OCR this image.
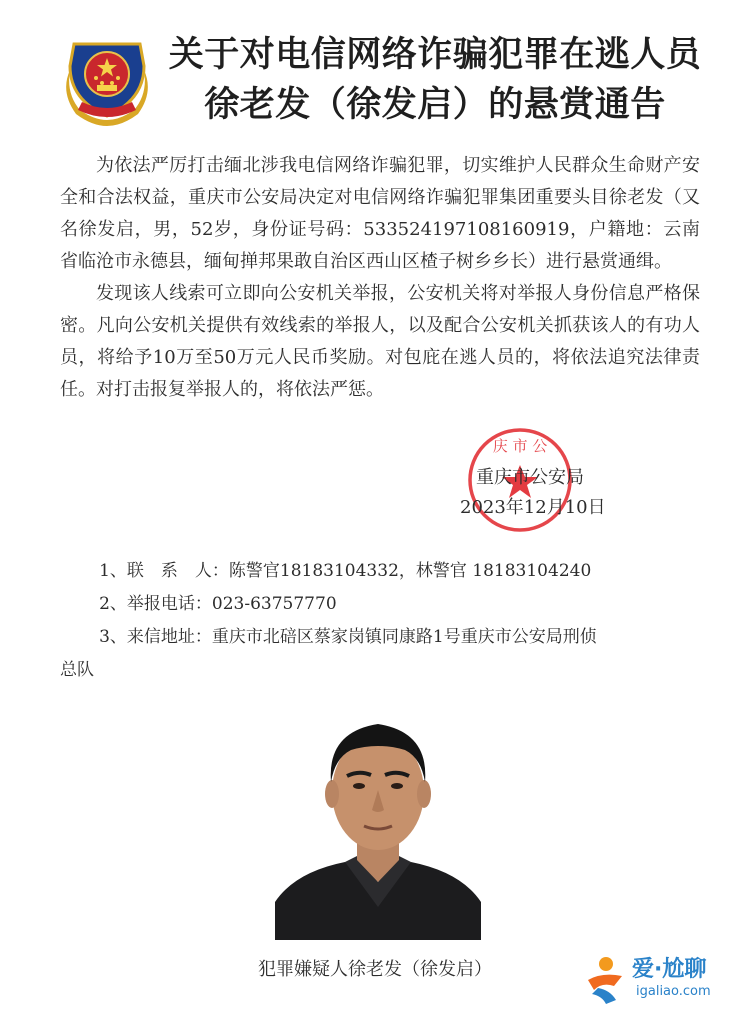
关于对电信网络诈骗犯罪在逃人员
徐老发（徐发启）的悬赏通告

为依法严厉打击缅北涉我电信网络诈骗犯罪，切实维护人民群众生命财产安全和合法权益，重庆市公安局决定对电信网络诈骗犯罪集团重要头目徐老发（又名徐发启，男，52岁，身份证号码：533524197108160919，户籍地：云南省临沧市永德县，缅甸掸邦果敢自治区西山区楂子树乡乡长）进行悬赏通缉。

发现该人线索可立即向公安机关举报，公安机关将对举报人身份信息严格保密。凡向公安机关提供有效线索的举报人，以及配合公安机关抓获该人的有功人员，将给予10万至50万元人民币奖励。对包庇在逃人员的，将依法追究法律责任。对打击报复举报人的，将依法严惩。

庆 市 公
重庆市公安局
2023年12月10日
1、联　系　人：陈警官18183104332，林警官 18183104240
2、举报电话：023-63757770
3、来信地址：重庆市北碚区蔡家岗镇同康路1号重庆市公安局刑侦
总队
犯罪嫌疑人徐老发（徐发启）	爱·尬聊
igaliao.com
